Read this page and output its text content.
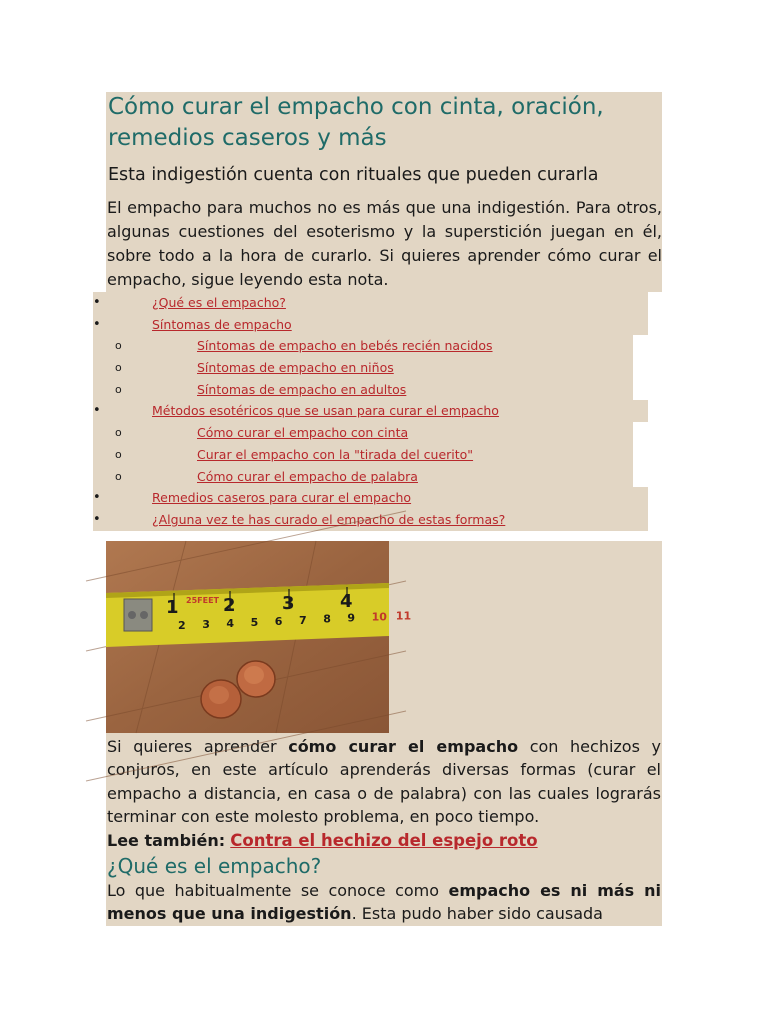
Cómo curar el empacho con cinta, oración, remedios caseros y más
Esta indigestión cuenta con rituales que pueden curarla

El empacho para muchos no es más que una indigestión. Para otros, algunas cuestiones del esoterismo y la superstición juegan en él, sobre todo a la hora de curarlo. Si quieres aprender cómo curar el empacho, sigue leyendo esta nota.

•	¿Qué es el empacho?
•	Síntomas de empacho
o	Síntomas de empacho en bebés recién nacidos
o	Síntomas de empacho en niños
o	Síntomas de empacho en adultos
•	Métodos esotéricos que se usan para curar el empacho
o	Cómo curar el empacho con cinta
o	Curar el empacho con la "tirada del cuerito"
o	Cómo curar el empacho de palabra
•	Remedios caseros para curar el empacho
•	¿Alguna vez te has curado el empacho de estas formas?
1 2	3	4
25FEET
2 3 4 5 6 7 8 9 10 11

Si quieres aprender cómo curar el empacho con hechizos y conjuros, en este artículo aprenderás diversas formas (curar el empacho a distancia, en casa o de palabra) con las cuales lograrás terminar con este molesto problema, en poco tiempo.

Lee también: Contra el hechizo del espejo roto

¿Qué es el empacho?

Lo que habitualmente se conoce como empacho es ni más ni menos que una indigestión. Esta pudo haber sido causada
